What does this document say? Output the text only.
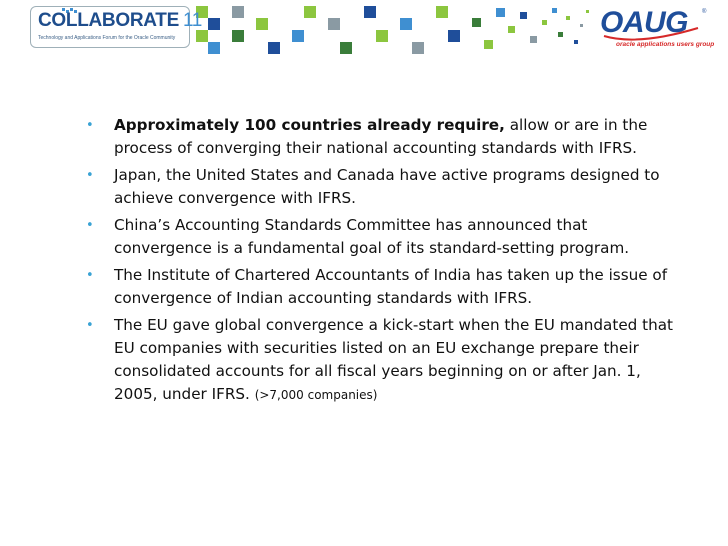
COLLABORATE 11
Technology and Applications Forum for the Oracle Community	OAUG ®
oracle applications users group
• Approximately 100 countries already require, allow or are in the process of converging their national accounting standards with IFRS.
• Japan, the United States and Canada have active programs designed to achieve convergence with IFRS.
• China’s Accounting Standards Committee has announced that convergence is a fundamental goal of its standard-setting program.
• The Institute of Chartered Accountants of India has taken up the issue of convergence of Indian accounting standards with IFRS.
• The EU gave global convergence a kick-start when the EU mandated that EU companies with securities listed on an EU exchange prepare their consolidated accounts for all fiscal years beginning on or after Jan. 1, 2005, under IFRS. (>7,000 companies)
